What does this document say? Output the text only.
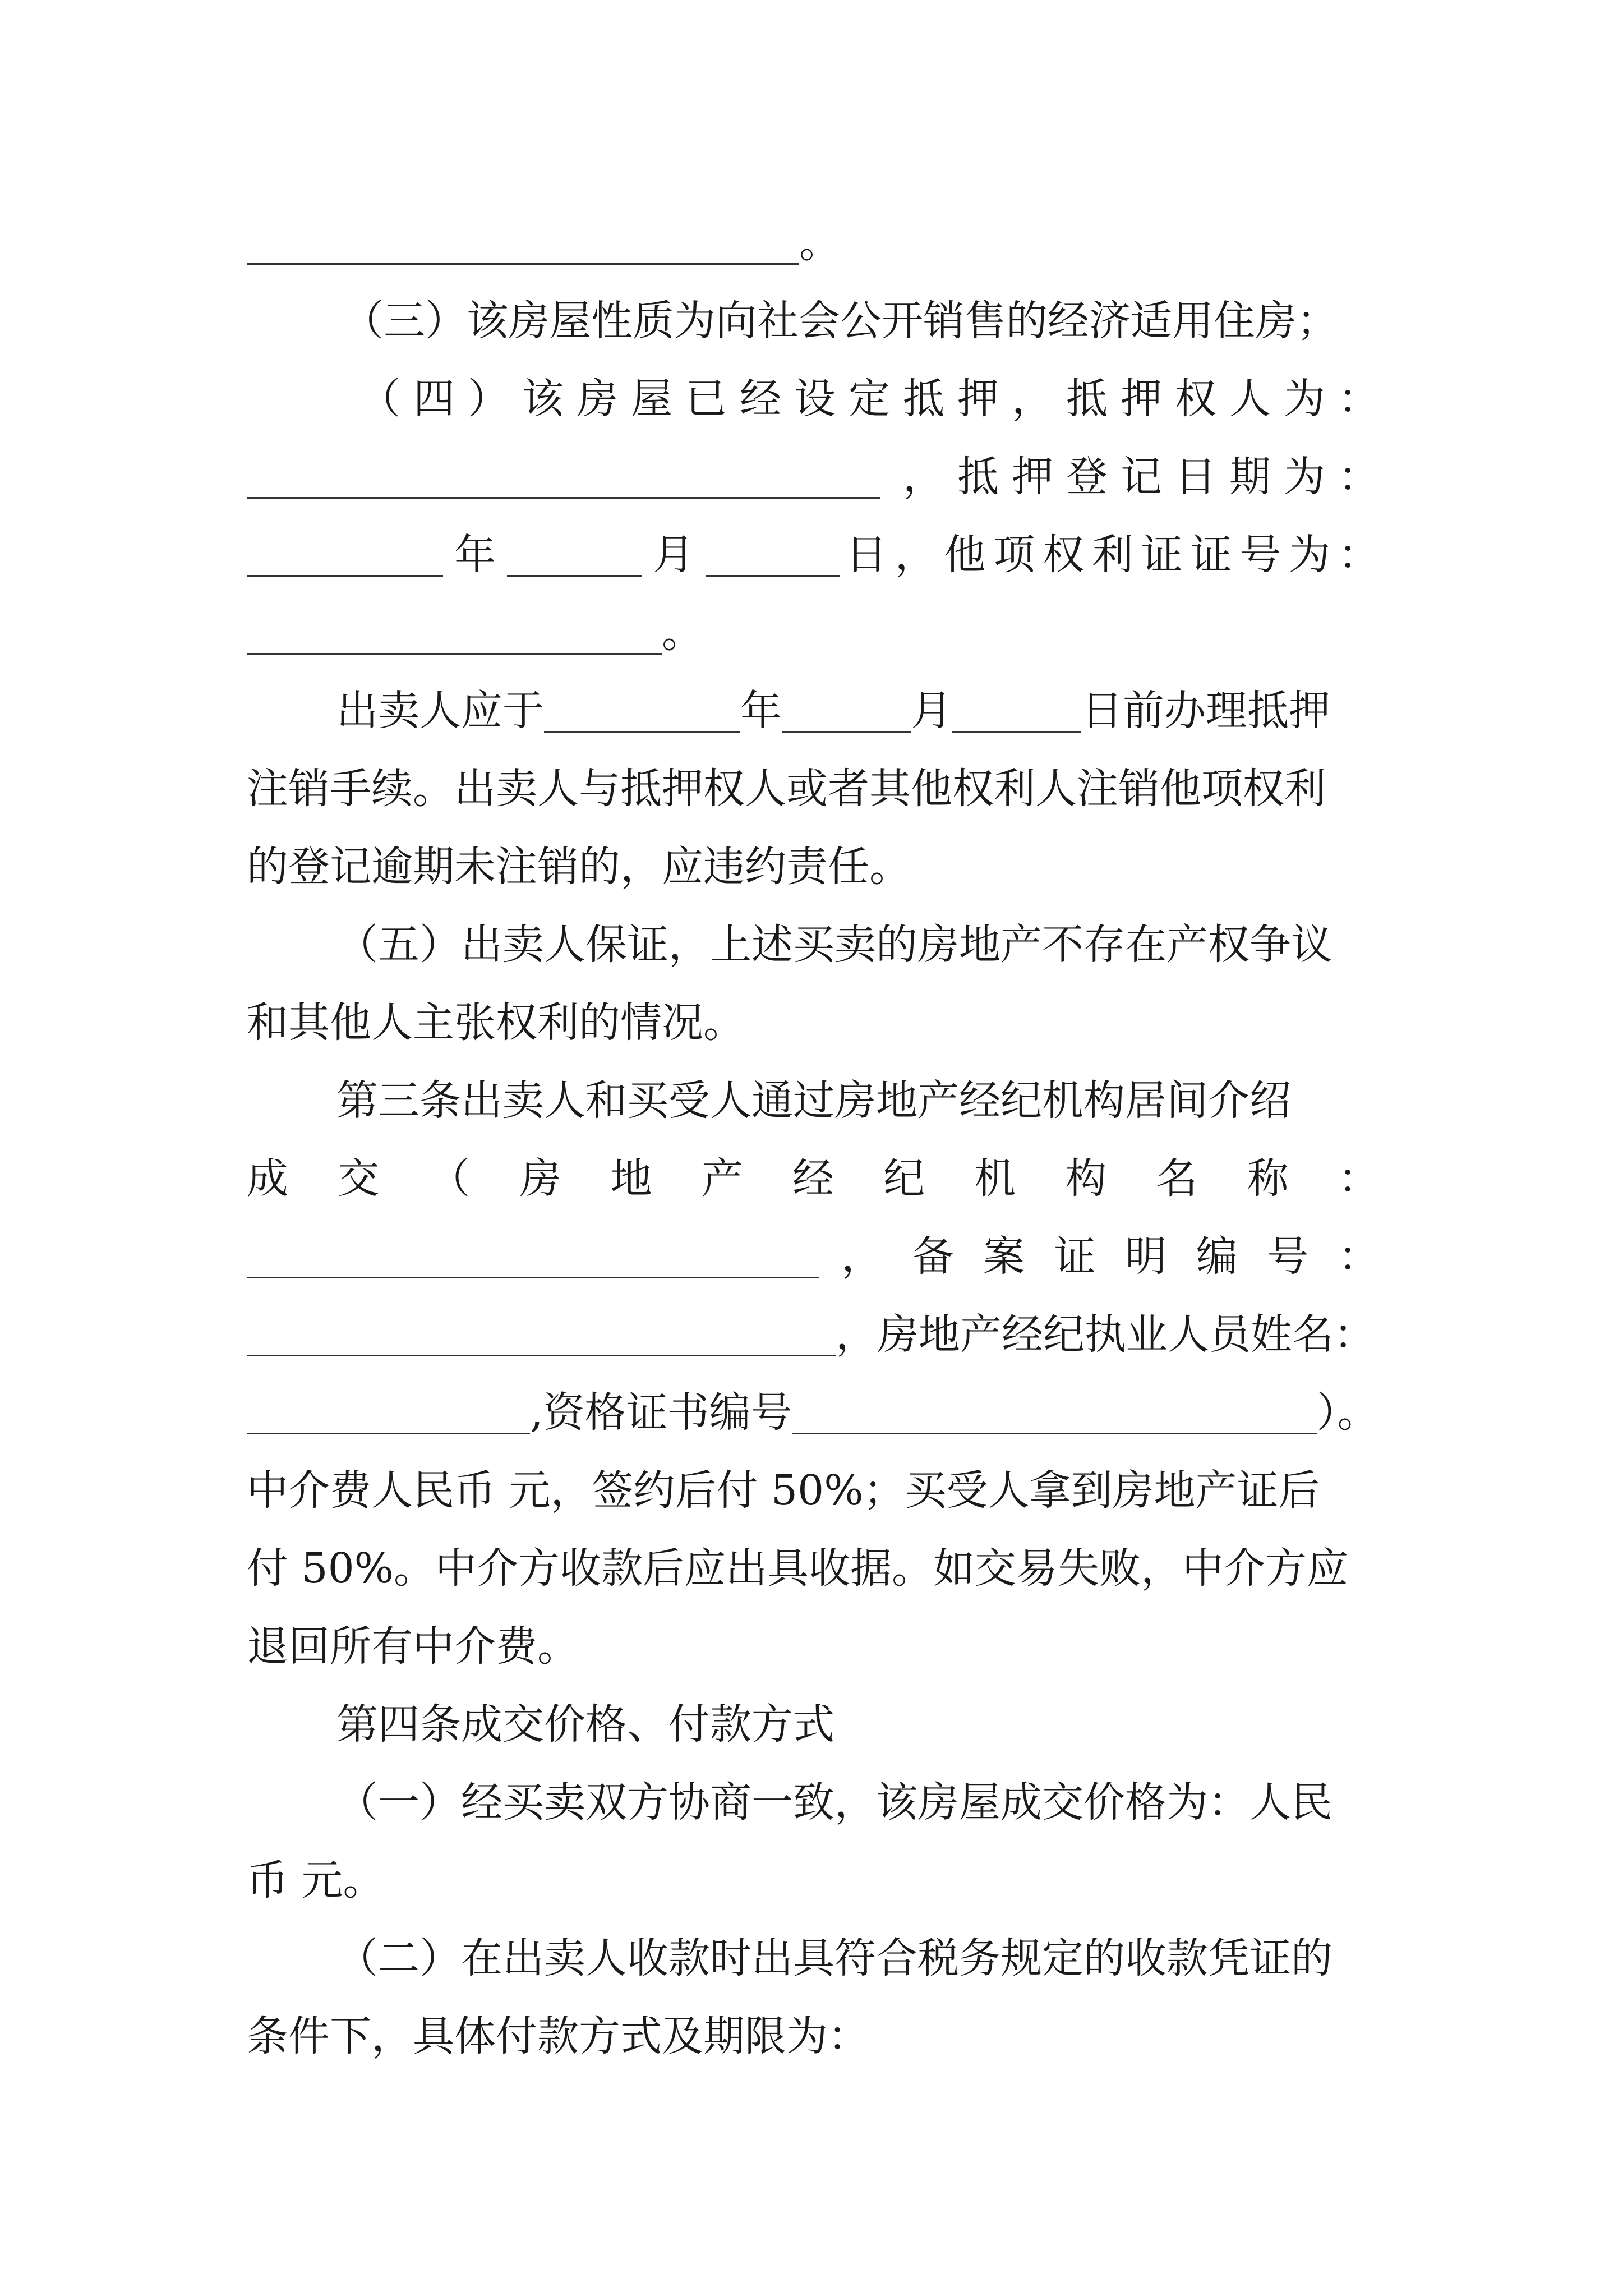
。
（三）该房屋性质为向社会公开销售的经济适用住房；
（ 四 ） 该 房 屋 已 经 设 定 抵 押 ， 抵 押 权 人 为 ：
， 抵 押 登 记 日 期 为 ：
年	月	日 ， 他 项 权 利 证 证 号 为 ：
。
出卖人应于	年	月	日前办理抵押
注销手续。出卖人与抵押权人或者其他权利人注销他项权利
的登记逾期未注销的，应违约责任。
（五）出卖人保证，上述买卖的房地产不存在产权争议
和其他人主张权利的情况。
第三条出卖人和买受人通过房地产经纪机构居间介绍
成 交 （ 房 地 产 经 纪 机 构 名 称 ：
， 备 案 证 明 编 号 ：
，房地产经纪执业人员姓名：
,资格证书编号	）。
中介费人民币 元，签约后付 50%；买受人拿到房地产证后
付 50%。中介方收款后应出具收据。如交易失败，中介方应
退回所有中介费。
第四条成交价格、付款方式
（一）经买卖双方协商一致，该房屋成交价格为：人民
币 元。
（二）在出卖人收款时出具符合税务规定的收款凭证的
条件下，具体付款方式及期限为：
